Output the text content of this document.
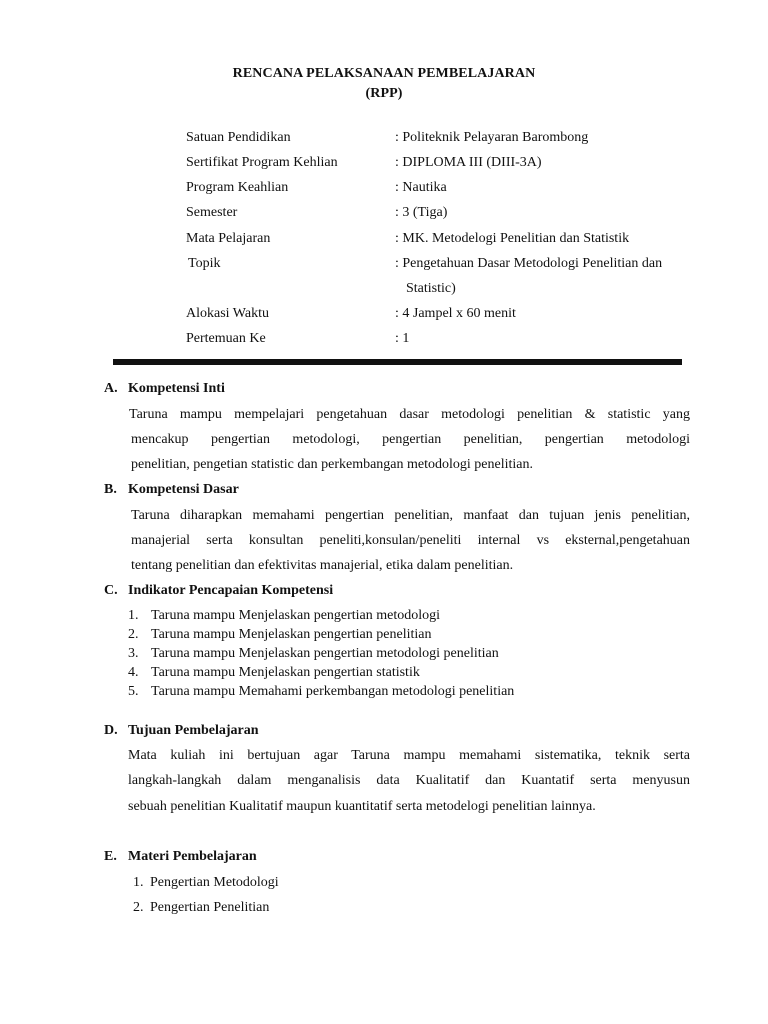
RENCANA PELAKSANAAN PEMBELAJARAN
(RPP)
Satuan Pendidikan	: Politeknik Pelayaran Barombong
Sertifikat Program Kehlian	: DIPLOMA III (DIII-3A)
Program Keahlian	: Nautika
Semester	: 3 (Tiga)
Mata Pelajaran	: MK. Metodelogi Penelitian dan Statistik
Topik	: Pengetahuan Dasar Metodologi Penelitian dan
Statistic)
Alokasi Waktu	: 4 Jampel x 60 menit
Pertemuan Ke	: 1
A. Kompetensi Inti
Taruna mampu mempelajari pengetahuan dasar metodologi penelitian & statistic yang
mencakup pengertian metodologi, pengertian penelitian, pengertian metodologi
penelitian, pengetian statistic dan perkembangan metodologi penelitian.
B. Kompetensi Dasar
Taruna diharapkan memahami pengertian penelitian, manfaat dan tujuan jenis penelitian,
manajerial serta konsultan peneliti,konsulan/peneliti internal vs eksternal,pengetahuan
tentang penelitian dan efektivitas manajerial, etika dalam penelitian.
C. Indikator Pencapaian Kompetensi
1. Taruna mampu Menjelaskan pengertian metodologi
2. Taruna mampu Menjelaskan pengertian penelitian
3. Taruna mampu Menjelaskan pengertian metodologi penelitian
4. Taruna mampu Menjelaskan pengertian statistik
5. Taruna mampu Memahami perkembangan metodologi penelitian
D. Tujuan Pembelajaran
Mata kuliah ini bertujuan agar Taruna mampu memahami sistematika, teknik serta
langkah-langkah dalam menganalisis data Kualitatif dan Kuantatif serta menyusun
sebuah penelitian Kualitatif maupun kuantitatif serta metodelogi penelitian lainnya.
E. Materi Pembelajaran
1. Pengertian Metodologi
2. Pengertian Penelitian
